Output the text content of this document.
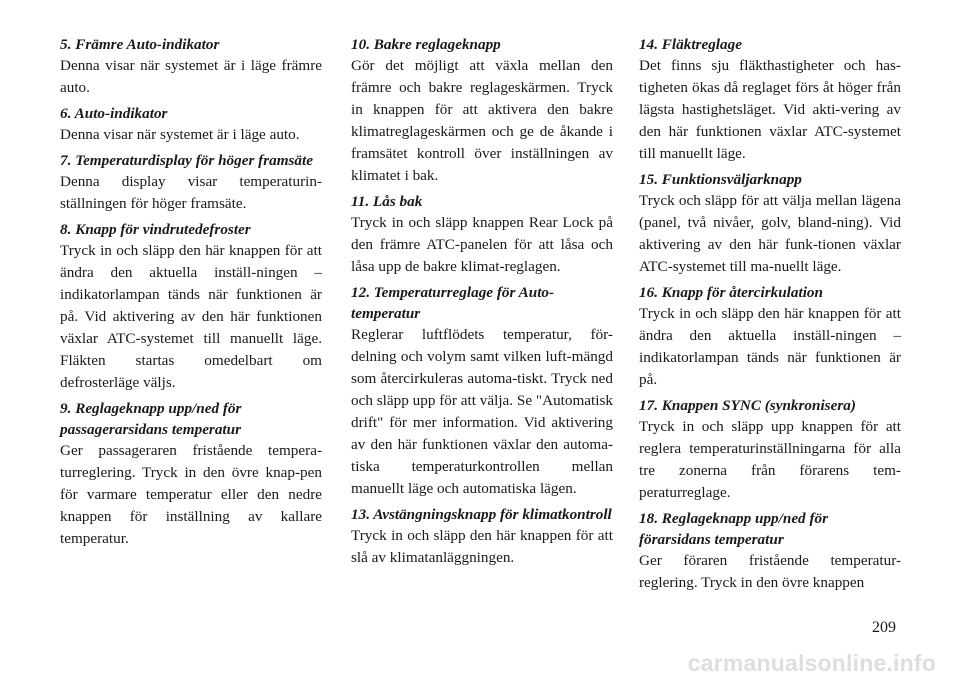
5. Främre Auto-indikator

Denna visar när systemet är i läge främre auto.

6. Auto-indikator

Denna visar när systemet är i läge auto.

7. Temperaturdisplay för höger framsäte

Denna display visar temperaturin-ställningen för höger framsäte.

8. Knapp för vindrutedefroster

Tryck in och släpp den här knappen för att ändra den aktuella inställ-ningen – indikatorlampan tänds när funktionen är på. Vid aktivering av den här funktionen växlar ATC-systemet till manuellt läge. Fläkten startas omedelbart om defrosterläge väljs.

9. Reglageknapp upp/ned för passagerarsidans temperatur

Ger passageraren fristående tempera-turreglering. Tryck in den övre knap-pen för varmare temperatur eller den nedre knappen för inställning av kallare temperatur.

10. Bakre reglageknapp

Gör det möjligt att växla mellan den främre och bakre reglageskärmen. Tryck in knappen för att aktivera den bakre klimatreglageskärmen och ge de åkande i framsätet kontroll över inställningen av klimatet i bak.

11. Lås bak

Tryck in och släpp knappen Rear Lock på den främre ATC-panelen för att låsa och låsa upp de bakre klimat-reglagen.

12. Temperaturreglage för Auto-temperatur

Reglerar luftflödets temperatur, för-delning och volym samt vilken luft-mängd som återcirkuleras automa-tiskt. Tryck ned och släpp upp för att välja. Se "Automatisk drift" för mer information. Vid aktivering av den här funktionen växlar den automa-tiska temperaturkontrollen mellan manuellt läge och automatiska lägen.

13. Avstängningsknapp för klimatkontroll

Tryck in och släpp den här knappen för att slå av klimatanläggningen.

14. Fläktreglage

Det finns sju fläkthastigheter och has-tigheten ökas då reglaget förs åt höger från lägsta hastighetsläget. Vid akti-vering av den här funktionen växlar ATC-systemet till manuellt läge.

15. Funktionsväljarknapp

Tryck och släpp för att välja mellan lägena (panel, två nivåer, golv, bland-ning). Vid aktivering av den här funk-tionen växlar ATC-systemet till ma-nuellt läge.

16. Knapp för återcirkulation

Tryck in och släpp den här knappen för att ändra den aktuella inställ-ningen – indikatorlampan tänds när funktionen är på.

17. Knappen SYNC (synkronisera)

Tryck in och släpp upp knappen för att reglera temperaturinställningarna för alla tre zonerna från förarens tem-peraturreglage.

18. Reglageknapp upp/ned för förarsidans temperatur

Ger föraren fristående temperatur-reglering. Tryck in den övre knappen

209
carmanualsonline.info
